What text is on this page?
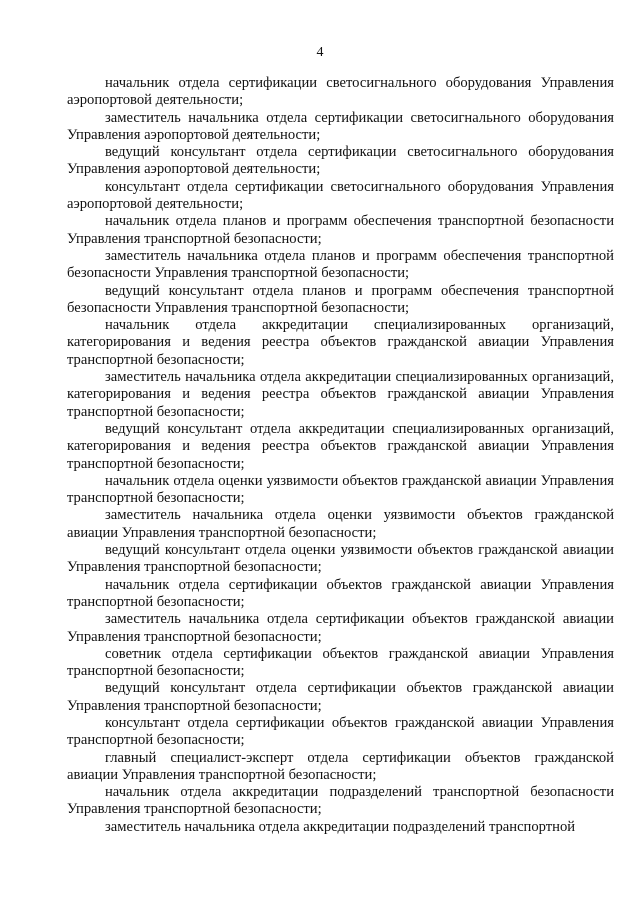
4

начальник отдела сертификации светосигнального оборудования Управления аэропортовой деятельности;

заместитель начальника отдела сертификации светосигнального оборудования Управления аэропортовой деятельности;

ведущий консультант отдела сертификации светосигнального оборудования Управления аэропортовой деятельности;

консультант отдела сертификации светосигнального оборудования Управления аэропортовой деятельности;

начальник отдела планов и программ обеспечения транспортной безопасности Управления транспортной безопасности;

заместитель начальника отдела планов и программ обеспечения транспортной безопасности Управления транспортной безопасности;

ведущий консультант отдела планов и программ обеспечения транспортной безопасности Управления транспортной безопасности;

начальник отдела аккредитации специализированных организаций, категорирования и ведения реестра объектов гражданской авиации Управления транспортной безопасности;

заместитель начальника отдела аккредитации специализированных организаций, категорирования и ведения реестра объектов гражданской авиации Управления транспортной безопасности;

ведущий консультант отдела аккредитации специализированных организаций, категорирования и ведения реестра объектов гражданской авиации Управления транспортной безопасности;

начальник отдела оценки уязвимости объектов гражданской авиации Управления транспортной безопасности;

заместитель начальника отдела оценки уязвимости объектов гражданской авиации Управления транспортной безопасности;

ведущий консультант отдела оценки уязвимости объектов гражданской авиации Управления транспортной безопасности;

начальник отдела сертификации объектов гражданской авиации Управления транспортной безопасности;

заместитель начальника отдела сертификации объектов гражданской авиации Управления транспортной безопасности;

советник отдела сертификации объектов гражданской авиации Управления транспортной безопасности;

ведущий консультант отдела сертификации объектов гражданской авиации Управления транспортной безопасности;

консультант отдела сертификации объектов гражданской авиации Управления транспортной безопасности;

главный специалист-эксперт отдела сертификации объектов гражданской авиации Управления транспортной безопасности;

начальник отдела аккредитации подразделений транспортной безопасности Управления транспортной безопасности;

заместитель начальника отдела аккредитации подразделений транспортной
